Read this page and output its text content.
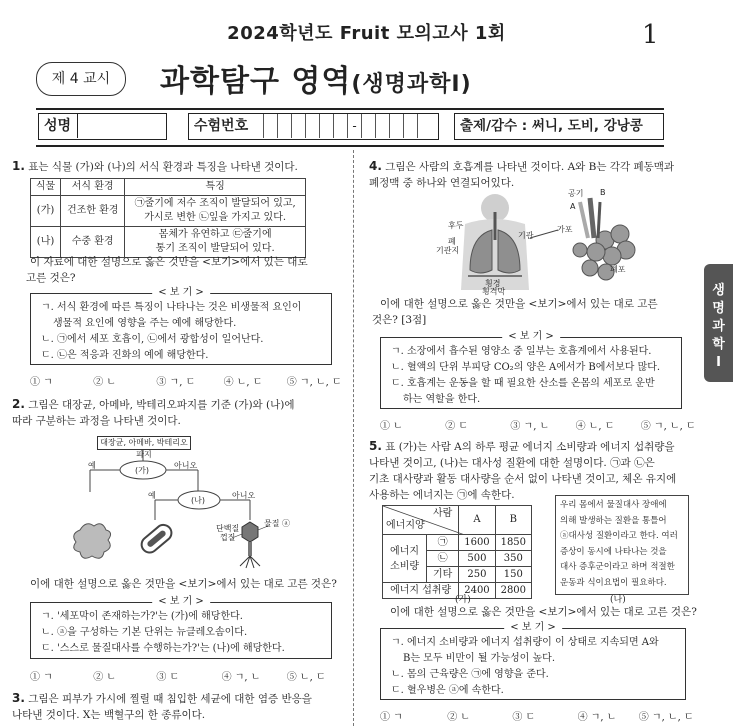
2024학년도 Fruit 모의고사 1회	1
제 4 교시	과학탐구 영역(생명과학Ⅰ)
성명	수험번호	-	출제/감수 : 써니, 도비, 강낭콩
생
명
과
학
Ⅰ
1. 표는 식물 (가)와 (나)의 서식 환경과 특징을 나타낸 것이다.
식물	서식 환경	특징
(가)	건조한 환경	㉠줄기에 저수 조직이 발달되어 있고,
가시로 변한 ㉡잎을 가지고 있다.

(나)	수중 환경	몸체가 유연하고 ㉢줄기에
통기 조직이 발달되어 있다.
이 자료에 대한 설명으로 옳은 것만을 <보기>에서 있는 대로
고른 것은?
< 보 기 >
ㄱ. 서식 환경에 따른 특징이 나타나는 것은 비생물적 요인이
생물적 요인에 영향을 주는 예에 해당한다.
ㄴ. ㉠에서 세포 호흡이, ㉡에서 광합성이 일어난다.
ㄷ. ㉡은 적응과 진화의 예에 해당한다.
① ㄱ	② ㄴ	③ ㄱ, ㄷ	④ ㄴ, ㄷ ⑤ ㄱ, ㄴ, ㄷ
2. 그림은 대장균, 아메바, 박테리오파지를 기준 (가)와 (나)에
따라 구분하는 과정을 나타낸 것이다.
대장균, 아메바, 박테리오파지
(가)
(나)
예	아니오
예	아니오
단백질
껍질
물질 ⓐ
이에 대한 설명으로 옳은 것만을 <보기>에서 있는 대로 고른 것은?
< 보 기 >
ㄱ. '세포막이 존재하는가?'는 (가)에 해당한다.
ㄴ. ⓐ을 구성하는 기본 단위는 뉴클레오솜이다.
ㄷ. '스스로 물질대사를 수행하는가?'는 (나)에 해당한다.
① ㄱ	② ㄴ	③ ㄷ	④ ㄱ, ㄴ	⑤ ㄴ, ㄷ
3. 그림은 피부가 가시에 찔릴 때 침입한 세균에 대한 염증 반응을
나타낸 것이다. X는 백혈구의 한 종류이다.
4. 그림은 사람의 호흡계를 나타낸 것이다. A와 B는 각각 폐동맥과
폐정맥 중 하나와 연결되어있다.
후두
폐
기관지
기관
횡경
횡격막
공기
A
B
가포
폐포
이에 대한 설명으로 옳은 것만을 <보기>에서 있는 대로 고른
것은? [3점]
< 보 기 >
ㄱ. 소장에서 흡수된 영양소 중 일부는 호흡계에서 사용된다.
ㄴ. 혈액의 단위 부피당 CO₂의 양은 A에서가 B에서보다 많다.
ㄷ. 호흡계는 운동을 할 때 필요한 산소를 온몸의 세포로 운반
하는 역할을 한다.
① ㄴ	② ㄷ	③ ㄱ, ㄴ	④ ㄴ, ㄷ	⑤ ㄱ, ㄴ, ㄷ
5. 표 (가)는 사람 A의 하루 평균 에너지 소비량과 에너지 섭취량을
나타낸 것이고, (나)는 대사성 질환에 대한 설명이다. ㉠과 ㉡은
기초 대사량과 활동 대사량을 순서 없이 나타낸 것이고, 체온 유지에
사용하는 에너지는 ㉠에 속한다.
사람
에너지양		A	B

에너지
소비량	㉠	1600	1850
	㉡	500	350
	기타	250	150
에너지 섭취량		2400	2800
우리 몸에서 물질대사 장애에
의해 발생하는 질환을 통틀어
ⓐ대사성 질환이라고 한다. 여러
증상이 동시에 나타나는 것을
대사 증후군이라고 하며 적절한
운동과 식이요법이 필요하다.
(가)	(나)
이에 대한 설명으로 옳은 것만을 <보기>에서 있는 대로 고른 것은?
< 보 기 >
ㄱ. 에너지 소비량과 에너지 섭취량이 이 상태로 지속되면 A와
B는 모두 비만이 될 가능성이 높다.
ㄴ. 몸의 근육량은 ㉠에 영향을 준다.
ㄷ. 혈우병은 ⓐ에 속한다.
① ㄱ	② ㄴ	③ ㄷ	④ ㄱ, ㄴ ⑤ ㄱ, ㄴ, ㄷ
